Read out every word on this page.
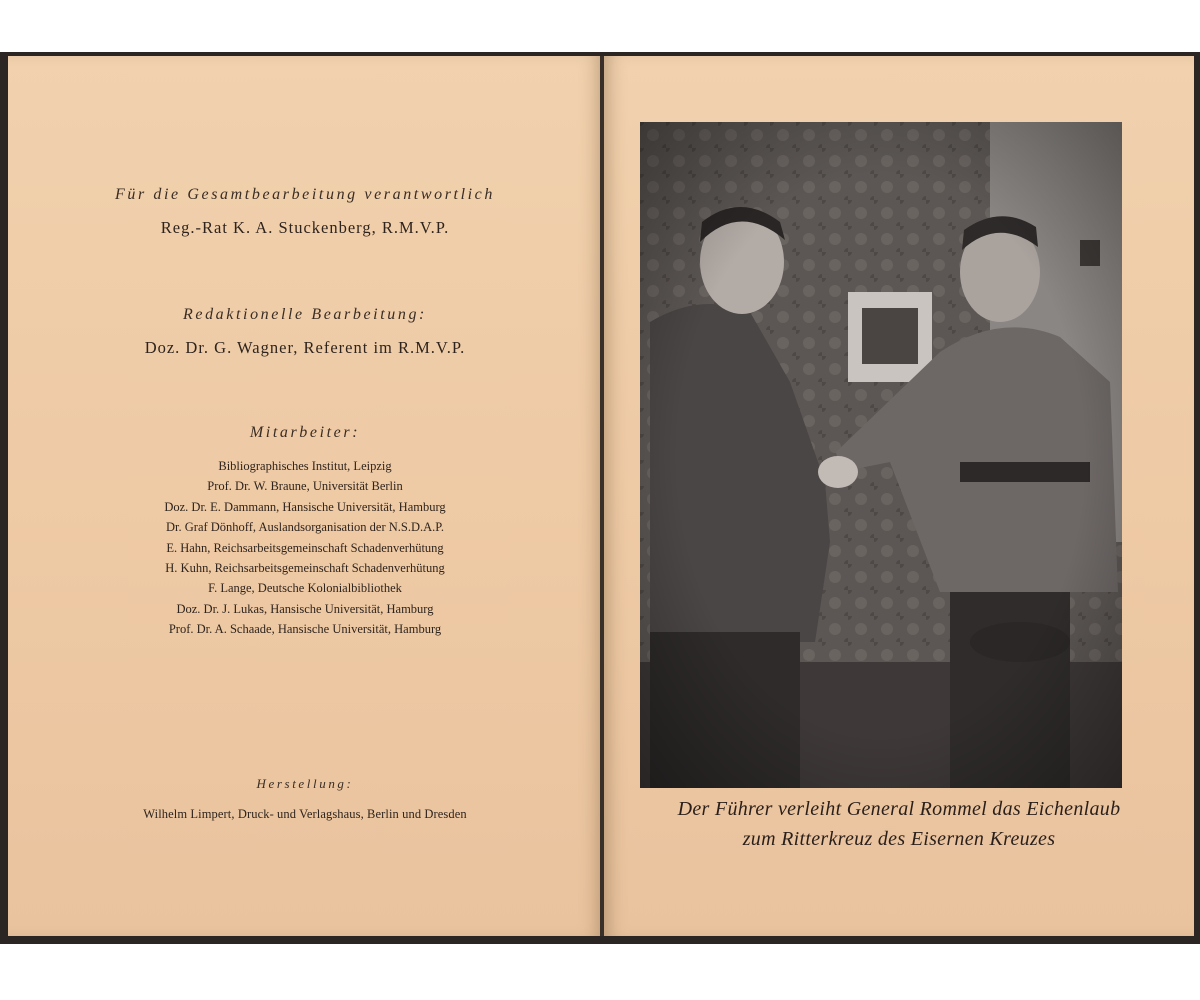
Für die Gesamtbearbeitung verantwortlich
Reg.-Rat K. A. Stuckenberg, R.M.V.P.
Redaktionelle Bearbeitung:
Doz. Dr. G. Wagner, Referent im R.M.V.P.
Mitarbeiter:
Bibliographisches Institut, Leipzig
Prof. Dr. W. Braune, Universität Berlin
Doz. Dr. E. Dammann, Hansische Universität, Hamburg
Dr. Graf Dönhoff, Auslandsorganisation der N.S.D.A.P.
E. Hahn, Reichsarbeitsgemeinschaft Schadenverhütung
H. Kuhn, Reichsarbeitsgemeinschaft Schadenverhütung
F. Lange, Deutsche Kolonialbibliothek
Doz. Dr. J. Lukas, Hansische Universität, Hamburg
Prof. Dr. A. Schaade, Hansische Universität, Hamburg
Herstellung:
Wilhelm Limpert, Druck- und Verlagshaus, Berlin und Dresden	Der Führer verleiht General Rommel das Eichenlaub
zum Ritterkreuz des Eisernen Kreuzes
